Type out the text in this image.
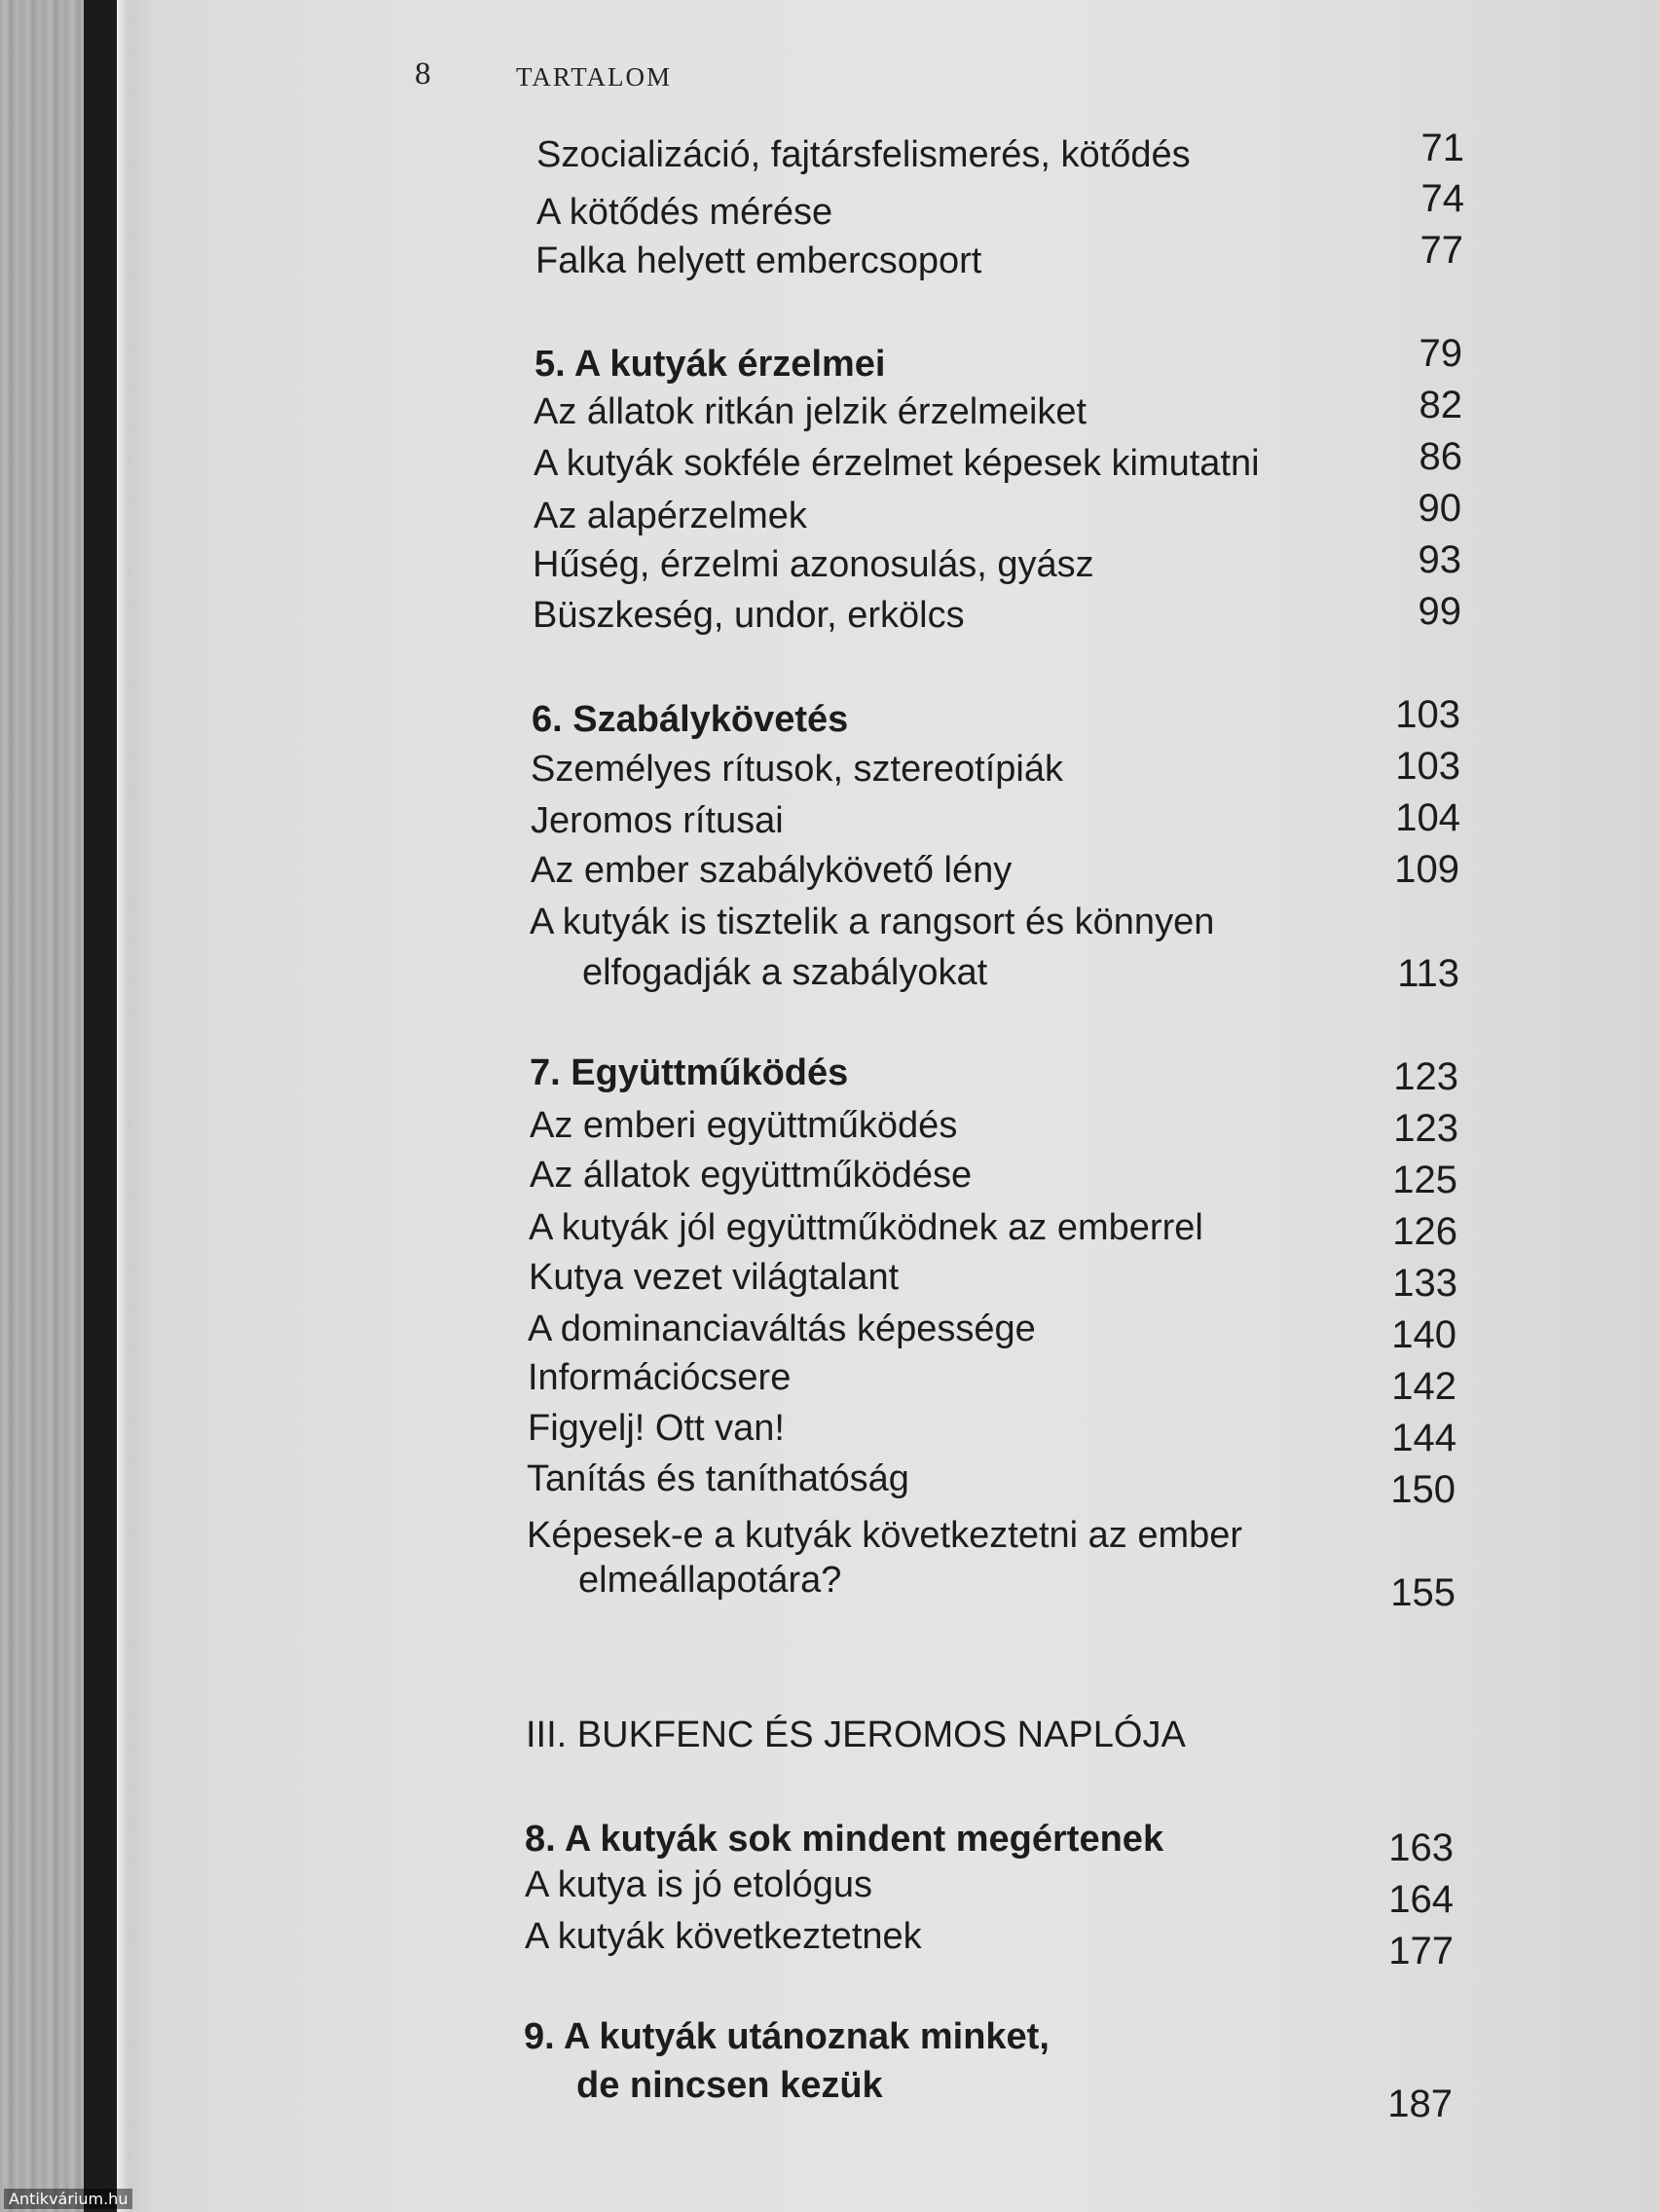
8	TARTALOM
Szocializáció, fajtársfelismerés, kötődés
A kötődés mérése
Falka helyett embercsoport
5. A kutyák érzelmei
Az állatok ritkán jelzik érzelmeiket
A kutyák sokféle érzelmet képesek kimutatni
Az alapérzelmek
Hűség, érzelmi azonosulás, gyász
Büszkeség, undor, erkölcs
6. Szabálykövetés
Személyes rítusok, sztereotípiák
Jeromos rítusai
Az ember szabálykövető lény
A kutyák is tisztelik a rangsort és könnyen
elfogadják a szabályokat
7. Együttműködés
Az emberi együttműködés
Az állatok együttműködése
A kutyák jól együttműködnek az emberrel
Kutya vezet világtalant
A dominanciaváltás képessége
Információcsere
Figyelj! Ott van!
Tanítás és taníthatóság
Képesek-e a kutyák következtetni az ember
elmeállapotára?
III. BUKFENC ÉS JEROMOS NAPLÓJA
8. A kutyák sok mindent megértenek
A kutya is jó etológus
A kutyák következtetnek
9. A kutyák utánoznak minket,
de nincsen kezük
71
74
77
79
82
86
90
93
99
103
103
104
109
113
123
123
125
126
133
140
142
144
150
155
163
164
177
187
Antikvárium.hu
